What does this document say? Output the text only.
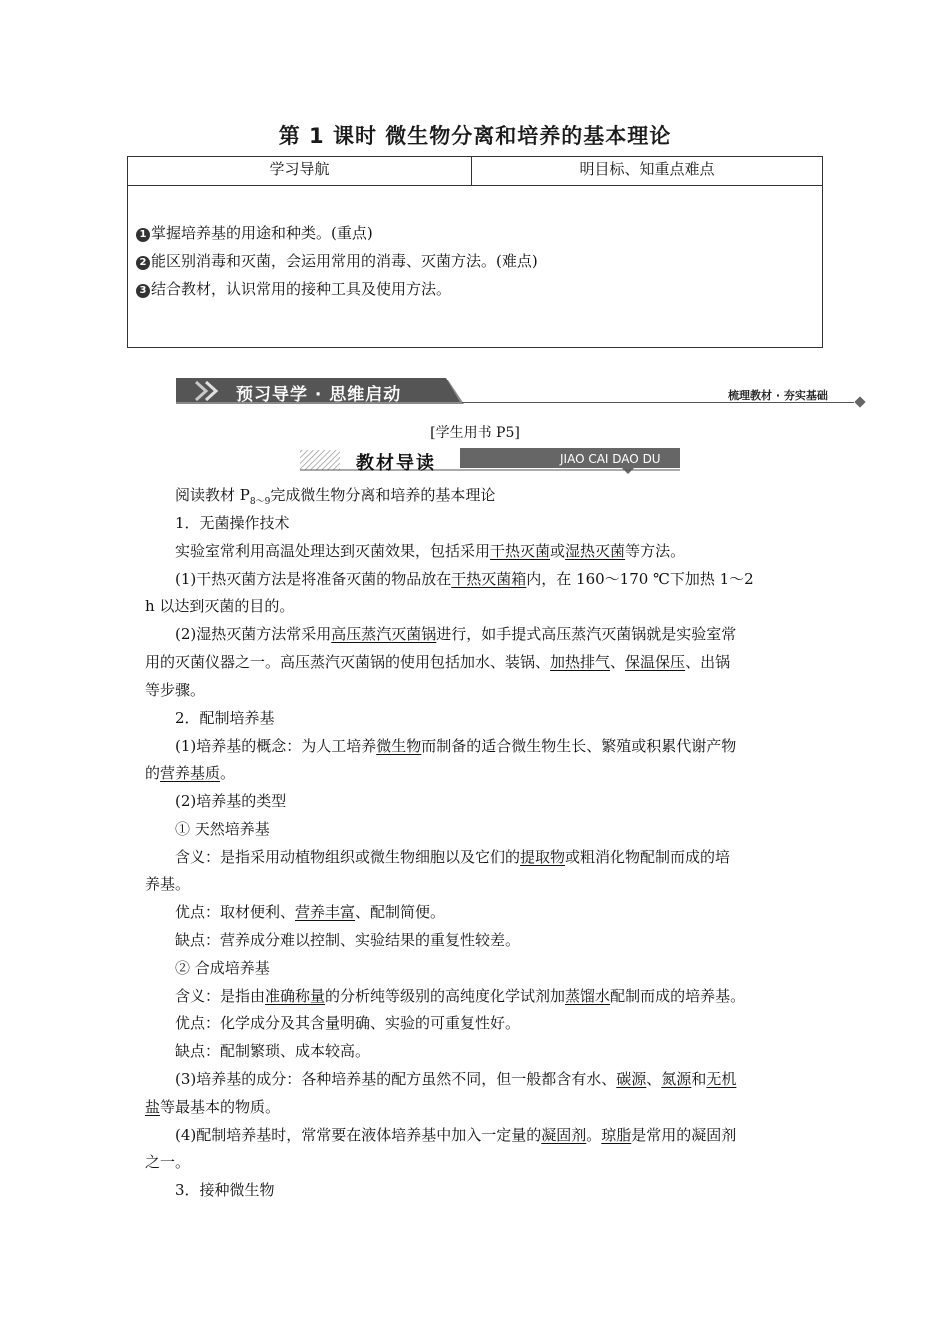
第 1 课时 微生物分离和培养的基本理论
学习导航	明目标、知重点难点
1 掌握培养基的用途和种类。(重点)
2 能区别消毒和灭菌，会运用常用的消毒、灭菌方法。(难点)
3 结合教材，认识常用的接种工具及使用方法。
预习导学 · 思维启动	梳理教材 · 夯实基础
[学生用书 P5]
教材导读	JIAO CAI DAO DU
阅读教材 $P_{8\sim 9}$完成微生物分离和培养的基本理论
1．无菌操作技术
实验室常利用高温处理达到灭菌效果，包括采用干热灭菌或湿热灭菌等方法。
(1)干热灭菌方法是将准备灭菌的物品放在干热灭菌箱内，在 160～170 ℃下加热 1～2
h 以达到灭菌的目的。
(2)湿热灭菌方法常采用高压蒸汽灭菌锅进行，如手提式高压蒸汽灭菌锅就是实验室常
用的灭菌仪器之一。高压蒸汽灭菌锅的使用包括加水、装锅、加热排气、保温保压、出锅
等步骤。
2．配制培养基
(1)培养基的概念：为人工培养微生物而制备的适合微生物生长、繁殖或积累代谢产物
的营养基质。
(2)培养基的类型
① 天然培养基
含义：是指采用动植物组织或微生物细胞以及它们的提取物或粗消化物配制而成的培
养基。
优点：取材便利、营养丰富、配制简便。
缺点：营养成分难以控制、实验结果的重复性较差。
② 合成培养基
含义：是指由准确称量的分析纯等级别的高纯度化学试剂加蒸馏水配制而成的培养基。
优点：化学成分及其含量明确、实验的可重复性好。
缺点：配制繁琐、成本较高。
(3)培养基的成分：各种培养基的配方虽然不同，但一般都含有水、碳源、氮源和无机
盐等最基本的物质。
(4)配制培养基时，常常要在液体培养基中加入一定量的凝固剂。琼脂是常用的凝固剂
之一。
3．接种微生物
